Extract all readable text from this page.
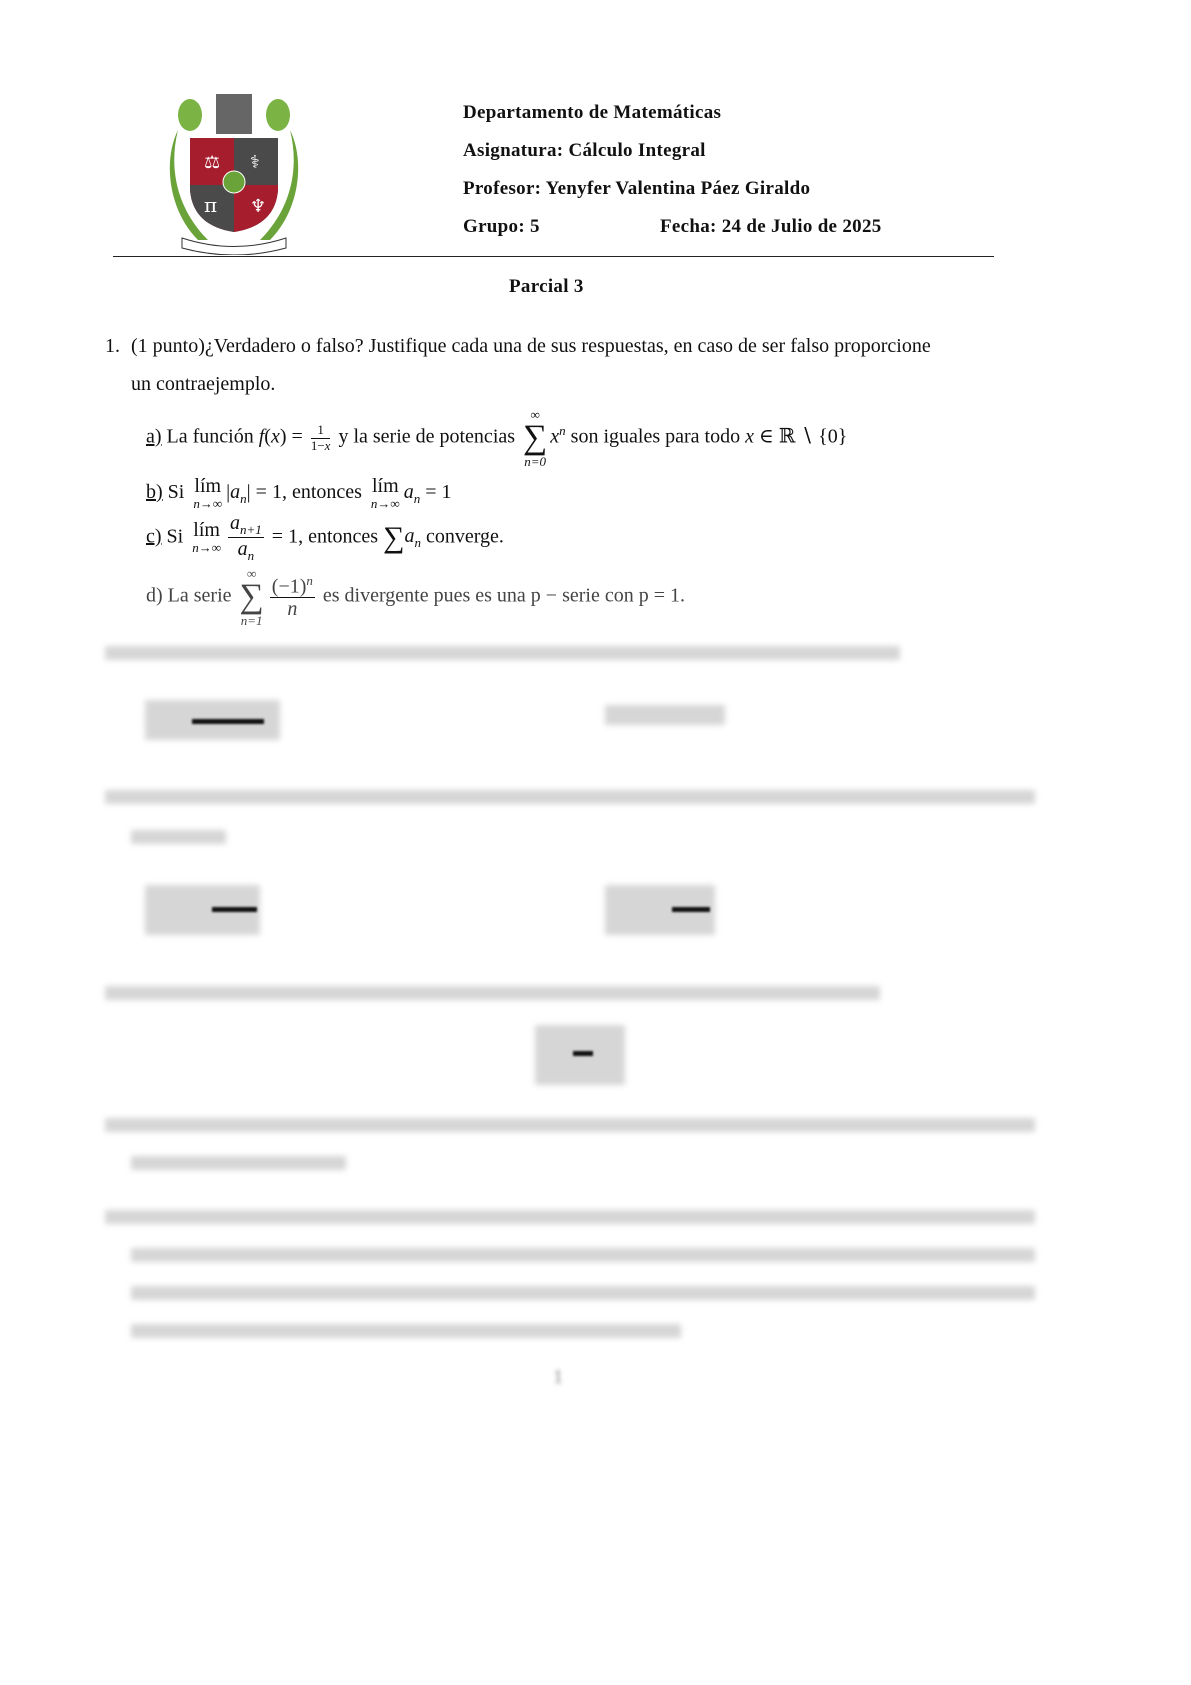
⚖ ⚕
π ♆
Departamento de Matemáticas
Asignatura: Cálculo Integral
Profesor: Yenyfer Valentina Páez Giraldo
Grupo: 5	Fecha: 24 de Julio de 2025
Parcial 3
1. (1 punto)¿Verdadero o falso? Justifique cada una de sus respuestas, en caso de ser falso proporcione
un contraejemplo.
a) La función $f(x) = \frac{1}{1-x}$ y la serie de potencias
∞
∑
n=0
$x^n$ son iguales para todo x ∈ ℝ ∖ {0}
b) Si lím
n→∞
$|a_n| = 1$, entonces lím
n→∞
$a_n = 1$
c) Si lím
$n\to\infty \frac{a_{n+1}}{a_n} = 1$, entonces $\sum a_n$ converge.
d) La serie
∞
∑
n=1
$\frac{(-1)^n}{n}$ es divergente pues es una p − serie con p = 1.
1
